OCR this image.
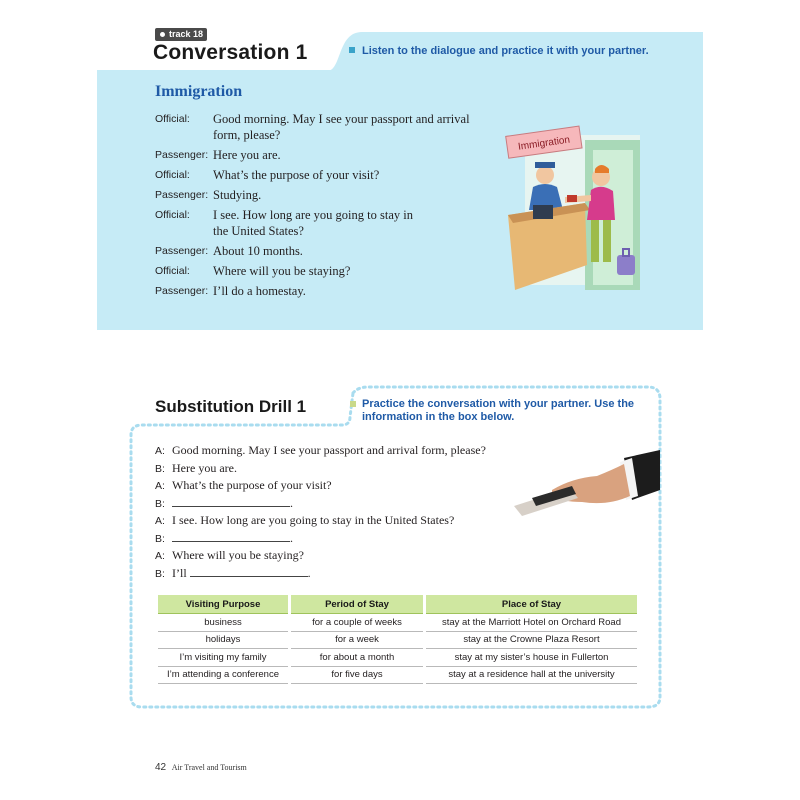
track 18
Conversation 1	Listen to the dialogue and practice it with your partner.
Immigration
Official:	Good morning. May I see your passport and arrival form, please?
Passenger: Here you are.
Official:	What’s the purpose of your visit?
Passenger: Studying.
Official:	I see. How long are you going to stay in the United States?
Passenger: About 10 months.
Official:	Where will you be staying?
Passenger: I’ll do a homestay.
Immigration
Substitution Drill 1	Practice the conversation with your partner. Use the information in the box below.
A: Good morning. May I see your passport and arrival form, please?
B: Here you are.
A: What’s the purpose of your visit?
B:	.
A: I see. How long are you going to stay in the United States?
B:	.
A: Where will you be staying?
B: I’ll	.
Visiting Purpose	Period of Stay	Place of Stay
business	for a couple of weeks	stay at the Marriott Hotel on Orchard Road
holidays	for a week	stay at the Crowne Plaza Resort
I’m visiting my family	for about a month	stay at my sister’s house in Fullerton
I’m attending a conference	for five days	stay at a residence hall at the university
42 Air Travel and Tourism
